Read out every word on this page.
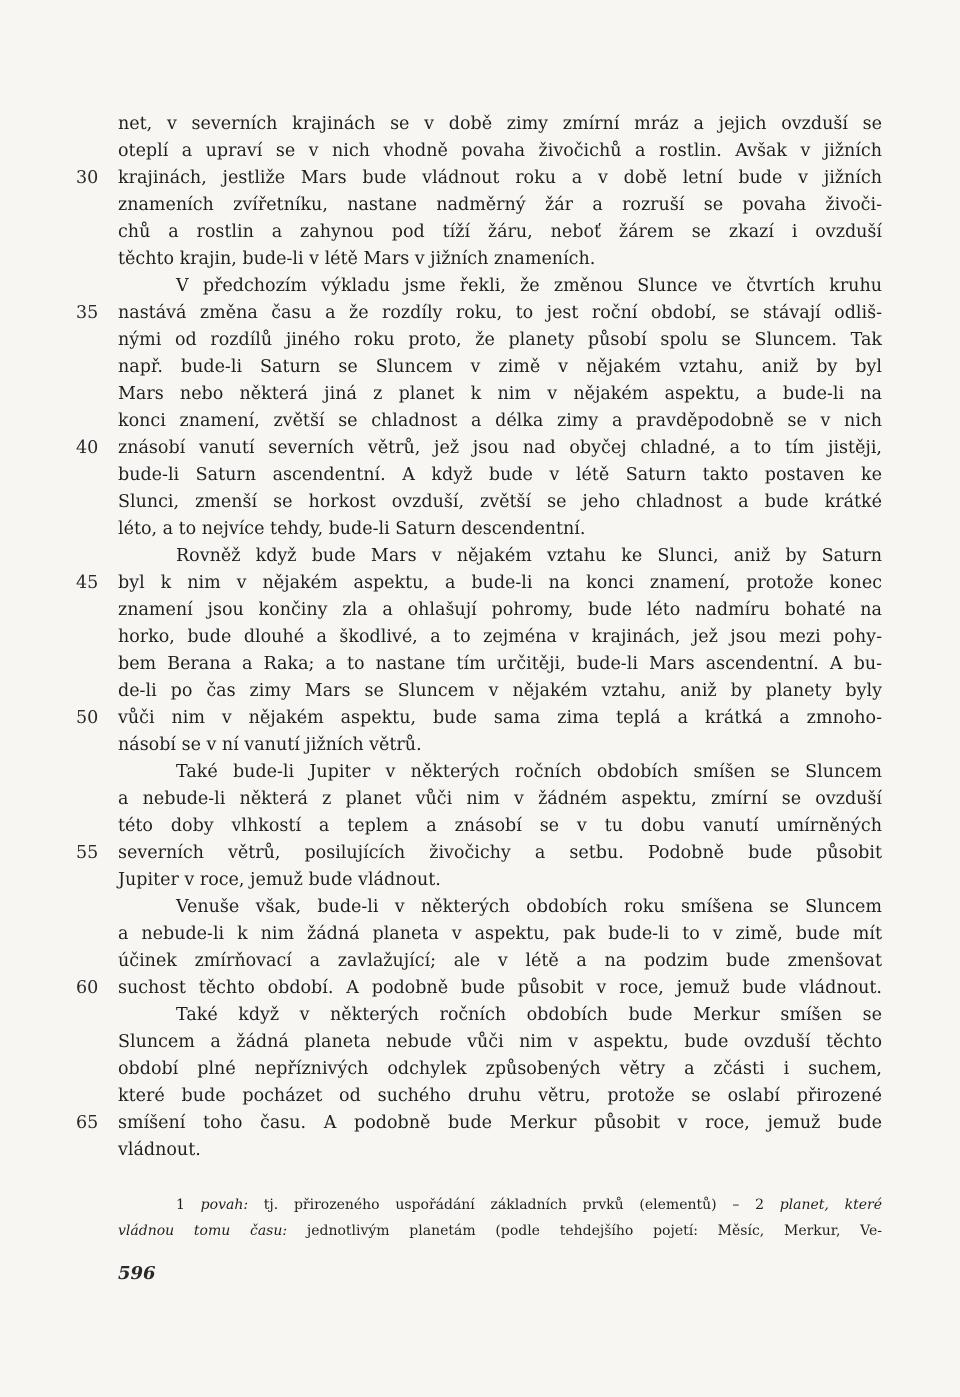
net, v severních krajinách se v době zimy zmírní mráz a jejich ovzduší se
oteplí a upraví se v nich vhodně povaha živočichů a rostlin. Avšak v jižních
krajinách, jestliže Mars bude vládnout roku a v době letní bude v jižních
znameních zvířetníku, nastane nadměrný žár a rozruší se povaha živoči-
chů a rostlin a zahynou pod tíží žáru, neboť žárem se zkazí i ovzduší
těchto krajin, bude-li v létě Mars v jižních znameních.
V předchozím výkladu jsme řekli, že změnou Slunce ve čtvrtích kruhu
nastává změna času a že rozdíly roku, to jest roční období, se stávají odliš-
nými od rozdílů jiného roku proto, že planety působí spolu se Sluncem. Tak
např. bude-li Saturn se Sluncem v zimě v nějakém vztahu, aniž by byl
Mars nebo některá jiná z planet k nim v nějakém aspektu, a bude-li na
konci znamení, zvětší se chladnost a délka zimy a pravděpodobně se v nich
znásobí vanutí severních větrů, jež jsou nad obyčej chladné, a to tím jistěji,
bude-li Saturn ascendentní. A když bude v létě Saturn takto postaven ke
Slunci, zmenší se horkost ovzduší, zvětší se jeho chladnost a bude krátké
léto, a to nejvíce tehdy, bude-li Saturn descendentní.
Rovněž když bude Mars v nějakém vztahu ke Slunci, aniž by Saturn
byl k nim v nějakém aspektu, a bude-li na konci znamení, protože konec
znamení jsou končiny zla a ohlašují pohromy, bude léto nadmíru bohaté na
horko, bude dlouhé a škodlivé, a to zejména v krajinách, jež jsou mezi pohy-
bem Berana a Raka; a to nastane tím určitěji, bude-li Mars ascendentní. A bu-
de-li po čas zimy Mars se Sluncem v nějakém vztahu, aniž by planety byly
vůči nim v nějakém aspektu, bude sama zima teplá a krátká a zmnoho-
násobí se v ní vanutí jižních větrů.
Také bude-li Jupiter v některých ročních obdobích smíšen se Sluncem
a nebude-li některá z planet vůči nim v žádném aspektu, zmírní se ovzduší
této doby vlhkostí a teplem a znásobí se v tu dobu vanutí umírněných
severních větrů, posilujících živočichy a setbu. Podobně bude působit
Jupiter v roce, jemuž bude vládnout.
Venuše však, bude-li v některých obdobích roku smíšena se Sluncem
a nebude-li k nim žádná planeta v aspektu, pak bude-li to v zimě, bude mít
účinek zmírňovací a zavlažující; ale v létě a na podzim bude zmenšovat
suchost těchto období. A podobně bude působit v roce, jemuž bude vládnout.
Také když v některých ročních obdobích bude Merkur smíšen se
Sluncem a žádná planeta nebude vůči nim v aspektu, bude ovzduší těchto
období plné nepříznivých odchylek způsobených větry a zčásti i suchem,
které bude pocházet od suchého druhu větru, protože se oslabí přirozené
smíšení toho času. A podobně bude Merkur působit v roce, jemuž bude
vládnout.
30
35
40
45
50
55
60
65
1 povah: tj. přirozeného uspořádání základních prvků (elementů) – 2 planet, které
vládnou tomu času: jednotlivým planetám (podle tehdejšího pojetí: Měsíc, Merkur, Ve-
596
